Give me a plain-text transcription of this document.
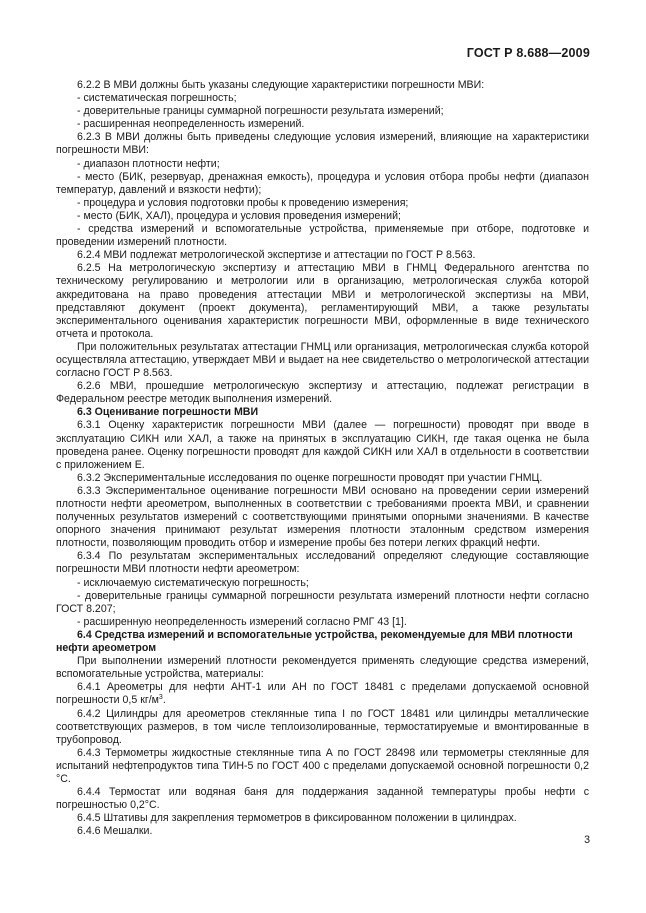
ГОСТ Р 8.688—2009

6.2.2 В МВИ должны быть указаны следующие характеристики погрешности МВИ:

- систематическая погрешность;

- доверительные границы суммарной погрешности результата измерений;

- расширенная неопределенность измерений.

6.2.3 В МВИ должны быть приведены следующие условия измерений, влияющие на характеристики погрешности МВИ:

- диапазон плотности нефти;

- место (БИК, резервуар, дренажная емкость), процедура и условия отбора пробы нефти (диапазон температур, давлений и вязкости нефти);

- процедура и условия подготовки пробы к проведению измерения;

- место (БИК, ХАЛ), процедура и условия проведения измерений;

- средства измерений и вспомогательные устройства, применяемые при отборе, подготовке и проведении измерений плотности.

6.2.4 МВИ подлежат метрологической экспертизе и аттестации по ГОСТ Р 8.563.

6.2.5 На метрологическую экспертизу и аттестацию МВИ в ГНМЦ Федерального агентства по техническому регулированию и метрологии или в организацию, метрологическая служба которой аккредитована на право проведения аттестации МВИ и метрологической экспертизы на МВИ, представляют документ (проект документа), регламентирующий МВИ, а также результаты экспериментального оценивания характеристик погрешности МВИ, оформленные в виде технического отчета и протокола.

При положительных результатах аттестации ГНМЦ или организация, метрологическая служба которой осуществляла аттестацию, утверждает МВИ и выдает на нее свидетельство о метрологической аттестации согласно ГОСТ Р 8.563.

6.2.6 МВИ, прошедшие метрологическую экспертизу и аттестацию, подлежат регистрации в Федеральном реестре методик выполнения измерений.

6.3 Оценивание погрешности МВИ

6.3.1 Оценку характеристик погрешности МВИ (далее — погрешности) проводят при вводе в эксплуатацию СИКН или ХАЛ, а также на принятых в эксплуатацию СИКН, где такая оценка не была проведена ранее. Оценку погрешности проводят для каждой СИКН или ХАЛ в отдельности в соответствии с приложением Е.

6.3.2 Экспериментальные исследования по оценке погрешности проводят при участии ГНМЦ.

6.3.3 Экспериментальное оценивание погрешности МВИ основано на проведении серии измерений плотности нефти ареометром, выполненных в соответствии с требованиями проекта МВИ, и сравнении полученных результатов измерений с соответствующими принятыми опорными значениями. В качестве опорного значения принимают результат измерения плотности эталонным средством измерения плотности, позволяющим проводить отбор и измерение пробы без потери легких фракций нефти.

6.3.4 По результатам экспериментальных исследований определяют следующие составляющие погрешности МВИ плотности нефти ареометром:

- исключаемую систематическую погрешность;

- доверительные границы суммарной погрешности результата измерений плотности нефти согласно ГОСТ 8.207;

- расширенную неопределенность измерений согласно РМГ 43 [1].

6.4 Средства измерений и вспомогательные устройства, рекомендуемые для МВИ плотности нефти ареометром

При выполнении измерений плотности рекомендуется применять следующие средства измерений, вспомогательные устройства, материалы:

6.4.1 Ареометры для нефти АНТ-1 или АН по ГОСТ 18481 с пределами допускаемой основной погрешности 0,5 $кг/м^3$.

6.4.2 Цилиндры для ареометров стеклянные типа I по ГОСТ 18481 или цилиндры металлические соответствующих размеров, в том числе теплоизолированные, термостатируемые и вмонтированные в трубопровод.

6.4.3 Термометры жидкостные стеклянные типа А по ГОСТ 28498 или термометры стеклянные для испытаний нефтепродуктов типа ТИН-5 по ГОСТ 400 с пределами допускаемой основной погрешности 0,2 °С.

6.4.4 Термостат или водяная баня для поддержания заданной температуры пробы нефти с погрешностью 0,2°С.

6.4.5 Штативы для закрепления термометров в фиксированном положении в цилиндрах.

6.4.6 Мешалки.

3
